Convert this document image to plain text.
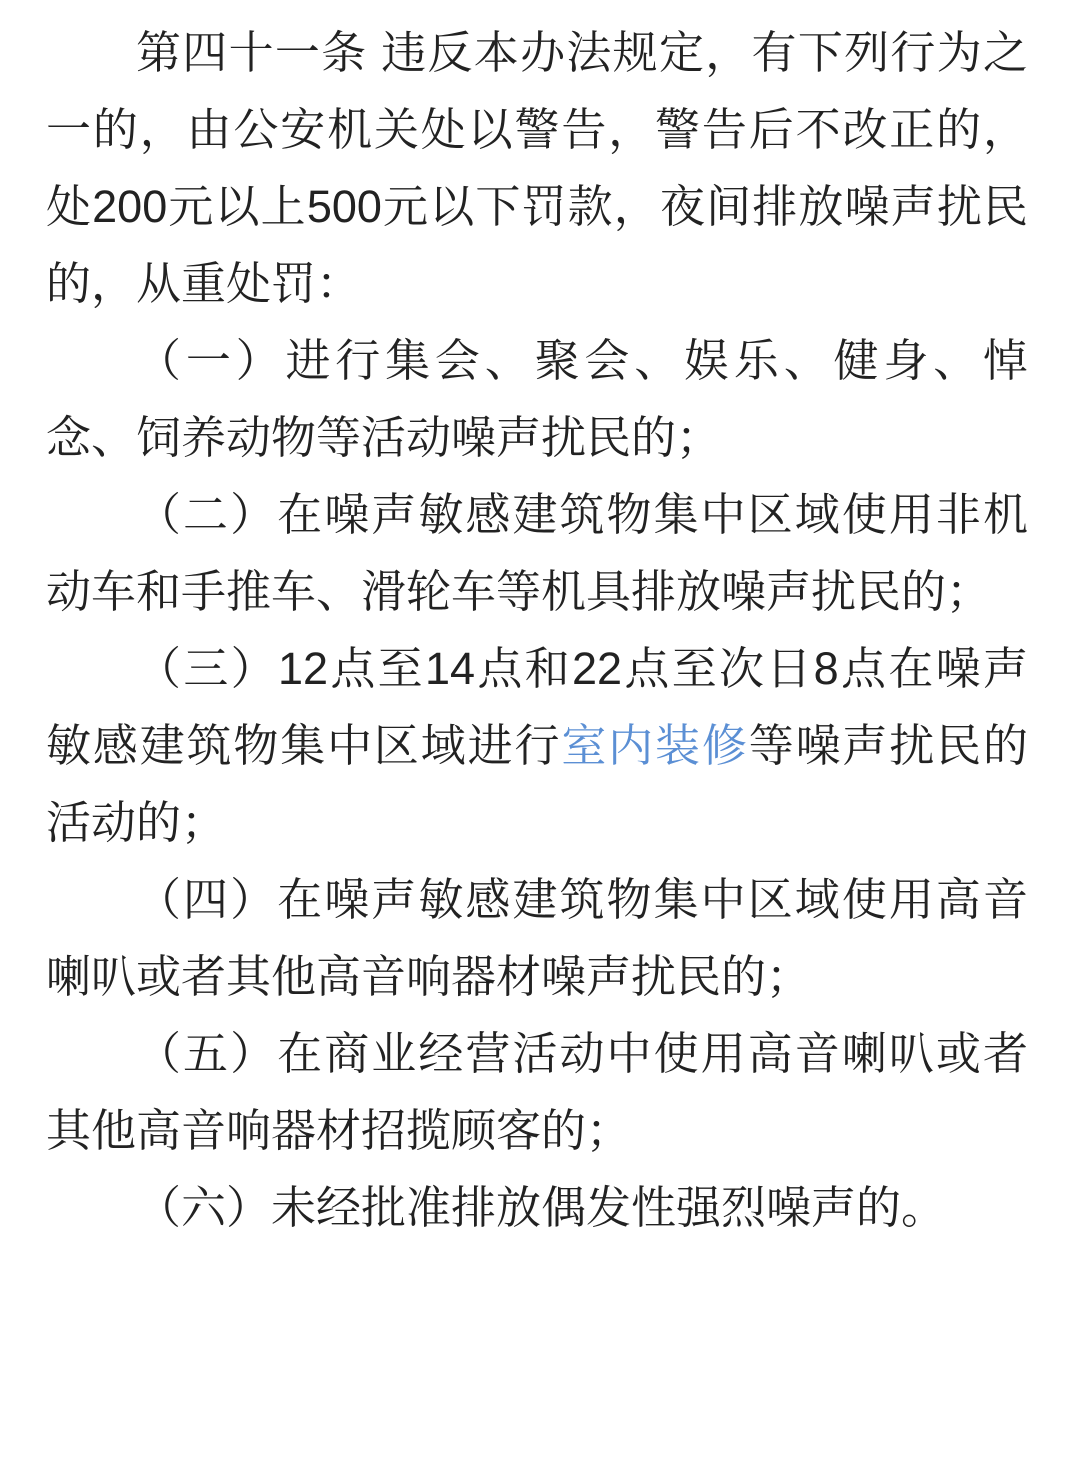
第四十一条 违反本办法规定，有下列行为之一的，由公安机关处以警告，警告后不改正的，处200元以上500元以下罚款，夜间排放噪声扰民的，从重处罚：

（一）进行集会、聚会、娱乐、健身、悼念、饲养动物等活动噪声扰民的；

（二）在噪声敏感建筑物集中区域使用非机动车和手推车、滑轮车等机具排放噪声扰民的；

（三）12点至14点和22点至次日8点在噪声敏感建筑物集中区域进行室内装修等噪声扰民的活动的；

（四）在噪声敏感建筑物集中区域使用高音喇叭或者其他高音响器材噪声扰民的；

（五）在商业经营活动中使用高音喇叭或者其他高音响器材招揽顾客的；

（六）未经批准排放偶发性强烈噪声的。
